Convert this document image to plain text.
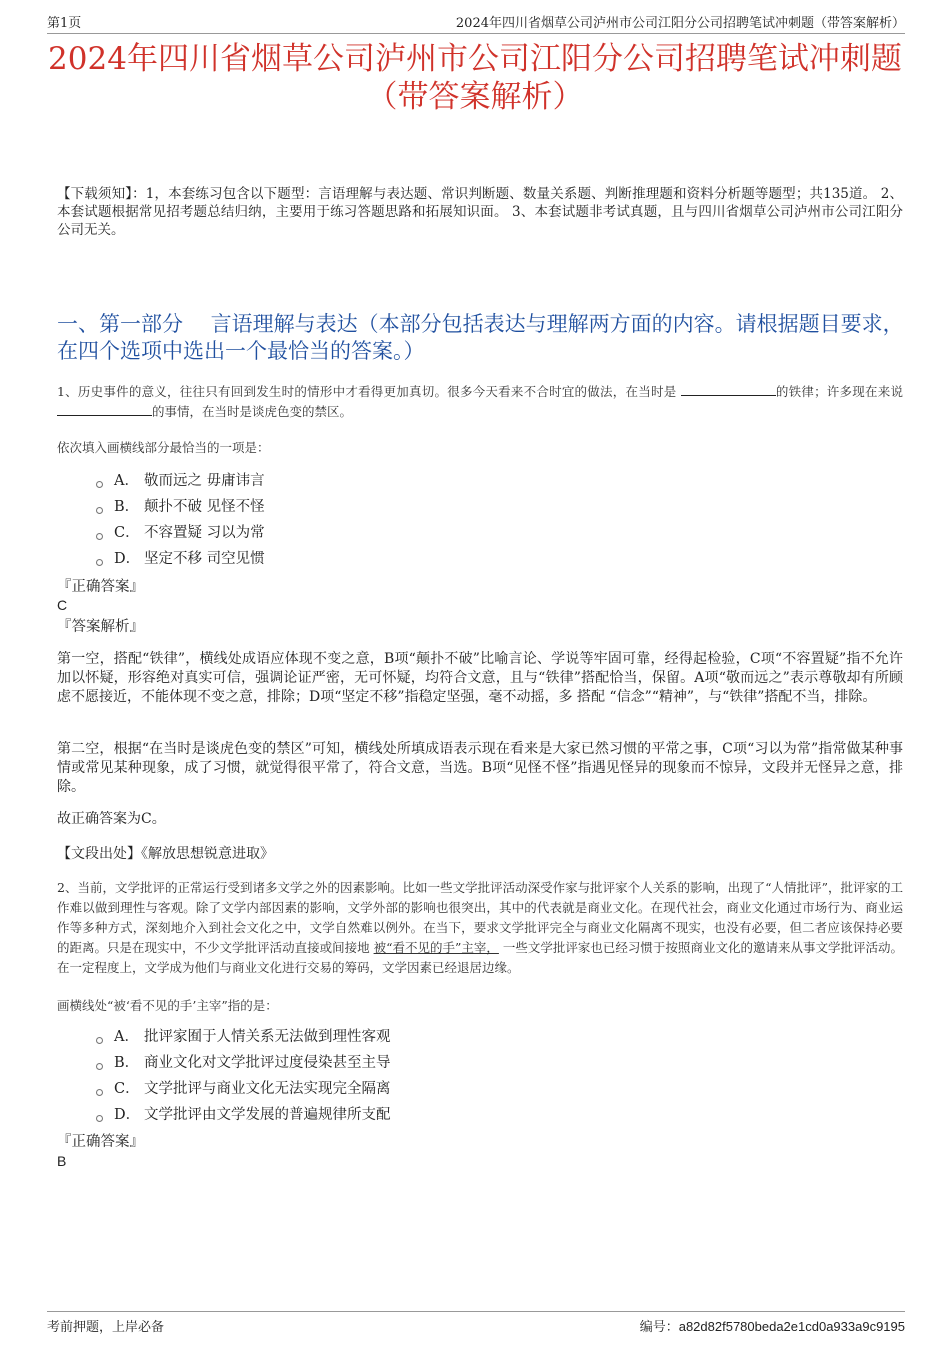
第1页	2024年四川省烟草公司泸州市公司江阳分公司招聘笔试冲刺题（带答案解析）
2024年四川省烟草公司泸州市公司江阳分公司招聘笔试冲刺题
（带答案解析）
【下载须知】：1，本套练习包含以下题型：言语理解与表达题、常识判断题、数量关系题、判断推理题和资料分析题等题型；共135道。 2、本套试题根据常见招考题总结归纳，主要用于练习答题思路和拓展知识面。 3、本套试题非考试真题，且与四川省烟草公司泸州市公司江阳分公司无关。
一、第一部分　 言语理解与表达（本部分包括表达与理解两方面的内容。请根据题目要求，在四个选项中选出一个最恰当的答案。）
1、历史事件的意义，往往只有回到发生时的情形中才看得更加真切。很多今天看来不合时宜的做法，在当时是	的铁律；许多现在来说 的事情，在当时是谈虎色变的禁区。
依次填入画横线部分最恰当的一项是：
A． 敬而远之 毋庸讳言
B． 颠扑不破 见怪不怪
C． 不容置疑 习以为常
D． 坚定不移 司空见惯
『正确答案』
C
『答案解析』
第一空，搭配“铁律”，横线处成语应体现不变之意，B项“颠扑不破”比喻言论、学说等牢固可靠，经得起检验，C项“不容置疑”指不允许加以怀疑，形容绝对真实可信，强调论证严密，无可怀疑，均符合文意，且与“铁律”搭配恰当，保留。A项“敬而远之”表示尊敬却有所顾虑不愿接近，不能体现不变之意，排除；D项“坚定不移”指稳定坚强，毫不动摇，多 搭配 “信念”“精神”，与“铁律”搭配不当，排除。
第二空，根据“在当时是谈虎色变的禁区”可知，横线处所填成语表示现在看来是大家已然习惯的平常之事，C项“习以为常”指常做某种事情或常见某种现象，成了习惯，就觉得很平常了，符合文意，当选。B项“见怪不怪”指遇见怪异的现象而不惊异，文段并无怪异之意，排除。
故正确答案为C。
【文段出处】《解放思想锐意进取》
2、当前，文学批评的正常运行受到诸多文学之外的因素影响。比如一些文学批评活动深受作家与批评家个人关系的影响，出现了“人情批评”，批评家的工作难以做到理性与客观。除了文学内部因素的影响，文学外部的影响也很突出，其中的代表就是商业文化。在现代社会，商业文化通过市场行为、商业运作等多种方式，深刻地介入到社会文化之中，文学自然难以例外。在当下，要求文学批评完全与商业文化隔离不现实，也没有必要，但二者应该保持必要的距离。只是在现实中，不少文学批评活动直接或间接地 被“看不见的手”主宰， 一些文学批评家也已经习惯于按照商业文化的邀请来从事文学批评活动。在一定程度上，文学成为他们与商业文化进行交易的筹码，文学因素已经退居边缘。
画横线处“被‘看不见的手’主宰”指的是：
A． 批评家囿于人情关系无法做到理性客观
B． 商业文化对文学批评过度侵染甚至主导
C． 文学批评与商业文化无法实现完全隔离
D． 文学批评由文学发展的普遍规律所支配
『正确答案』
B
考前押题，上岸必备	编号：a82d82f5780beda2e1cd0a933a9c9195
